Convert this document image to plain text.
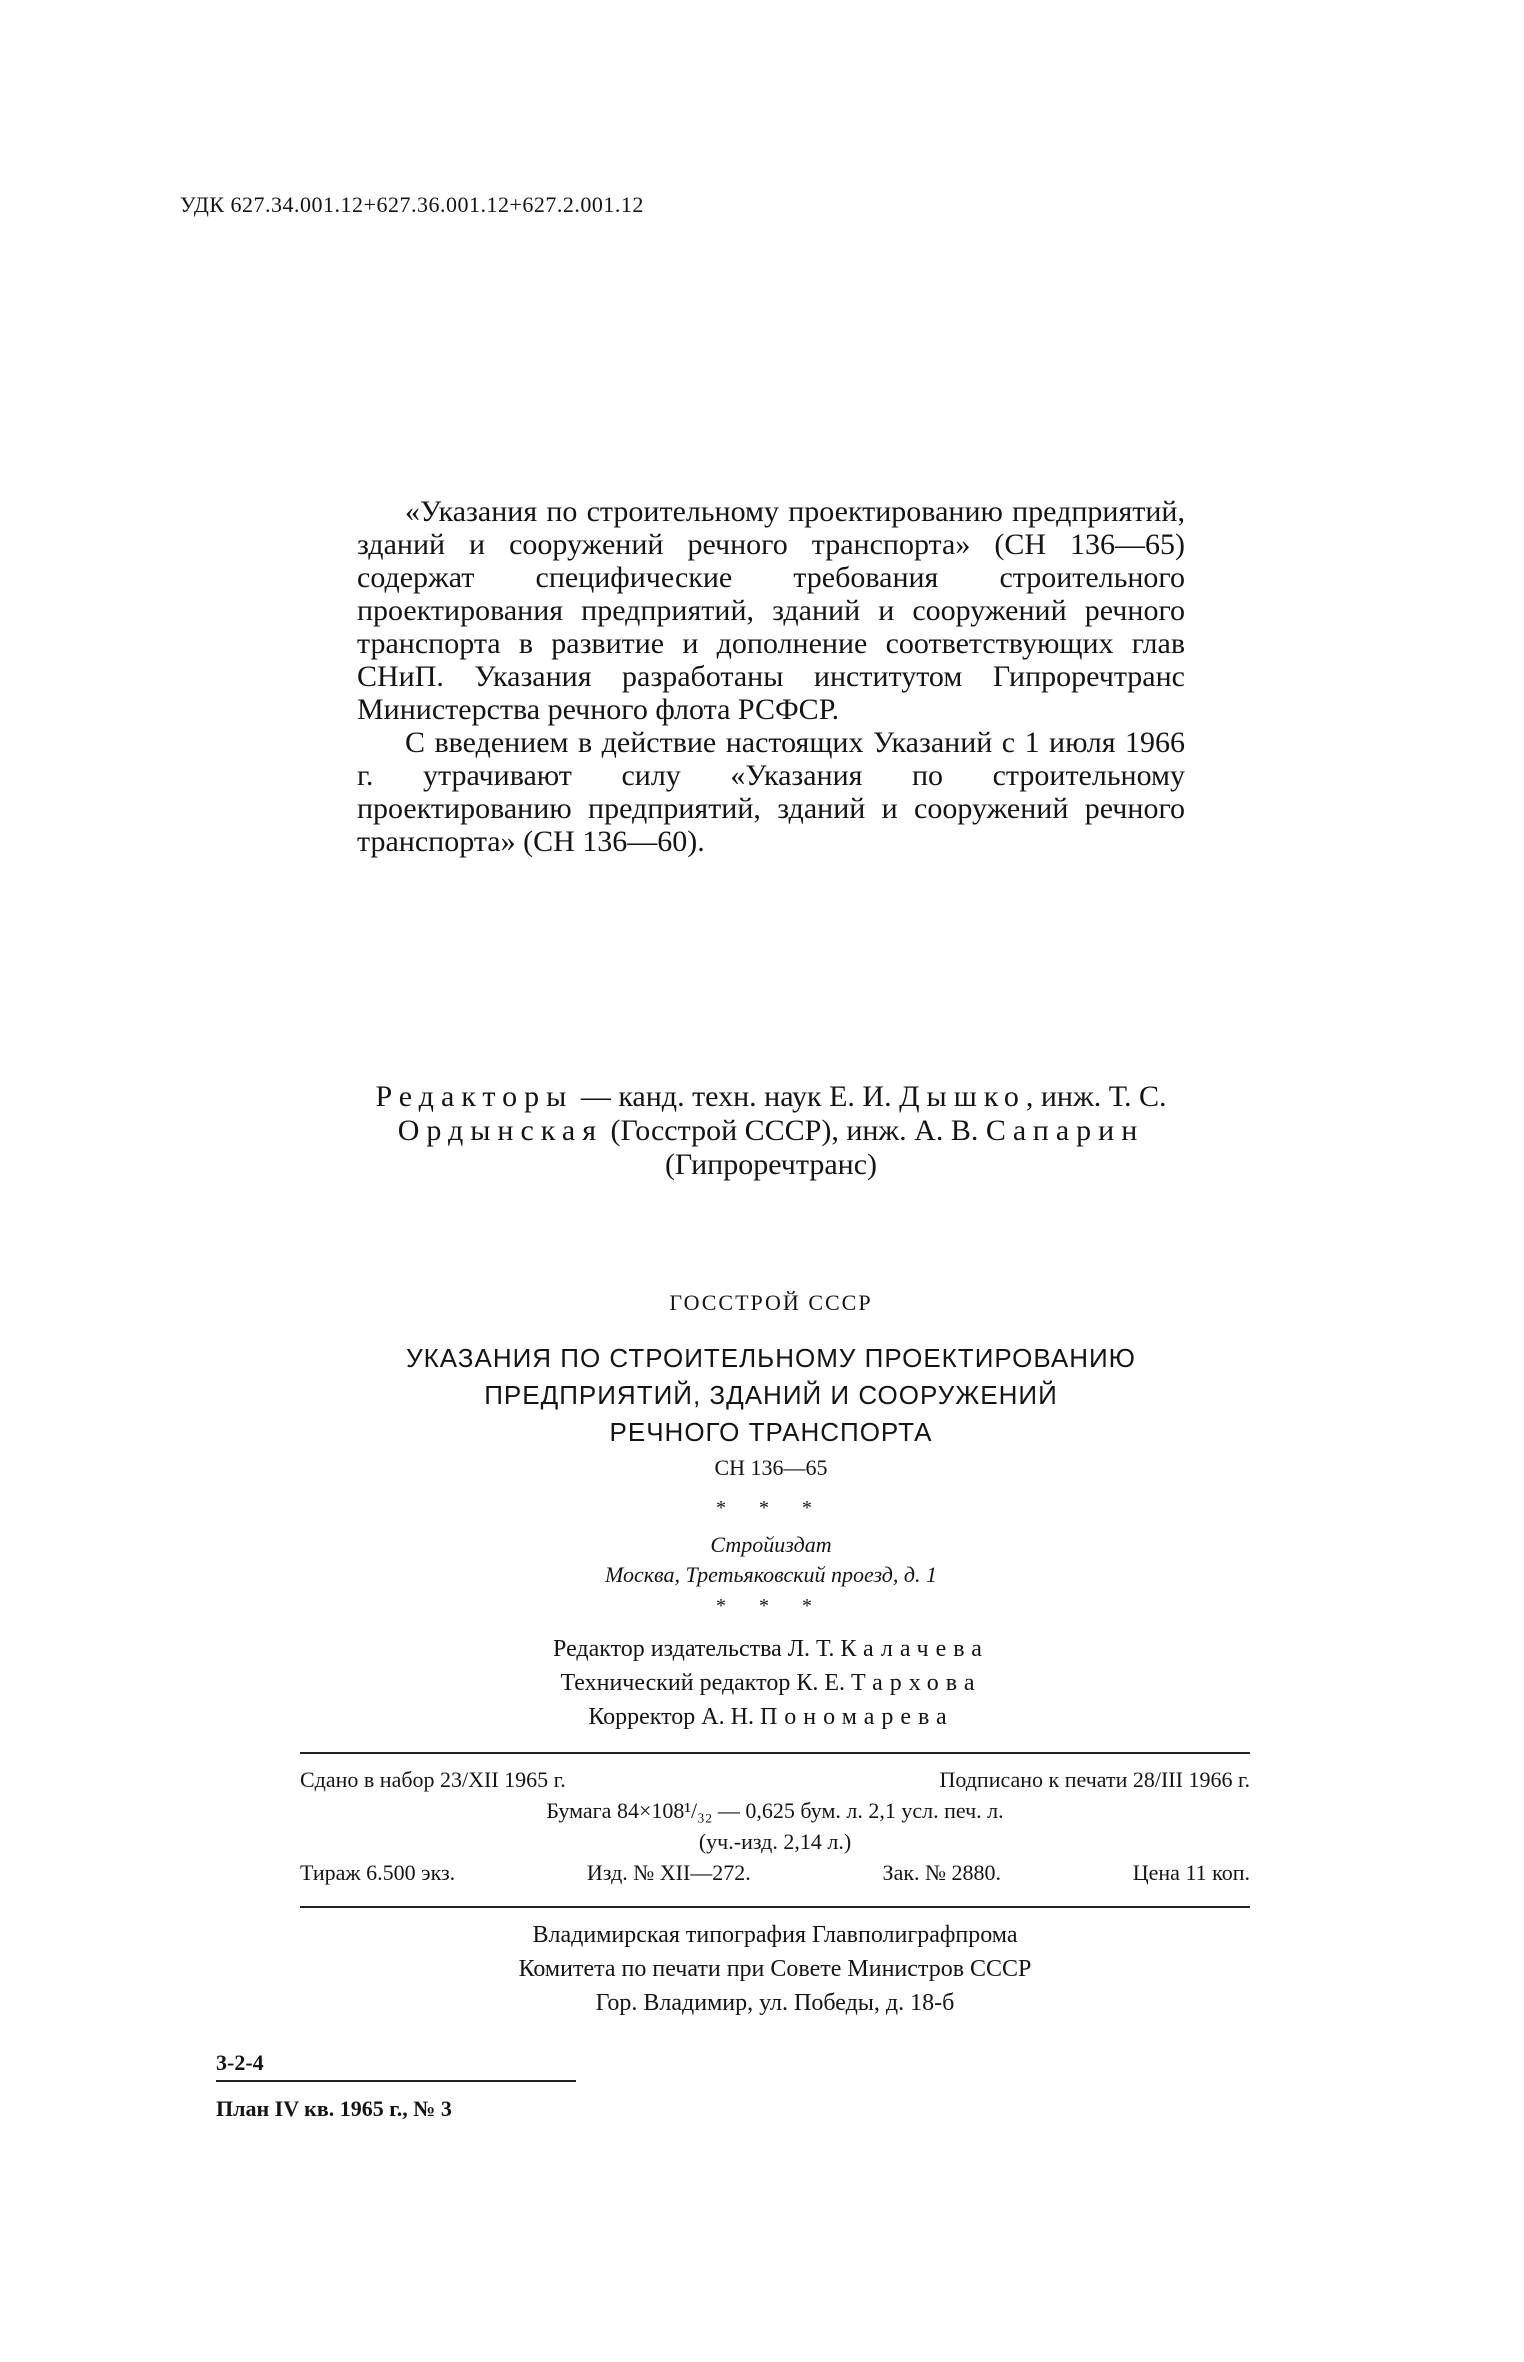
УДК 627.34.001.12+627.36.001.12+627.2.001.12

«Указания по строительному проектированию предприятий, зданий и сооружений речного транспорта» (СН 136—65) содержат специфические требования строительного проектирования предприятий, зданий и сооружений речного транспорта в развитие и дополнение соответствующих глав СНиП. Указания разработаны институтом Гипроречтранс Министерства речного флота РСФСР.

С введением в действие настоящих Указаний с 1 июля 1966 г. утрачивают силу «Указания по строительному проектированию предприятий, зданий и сооружений речного транспорта» (СН 136—60).

Редакторы — канд. техн. наук Е. И. Дышко, инж. Т. С. Ордынская (Госстрой СССР), инж. А. В. Сапарин (Гипроречтранс)
ГОССТРОЙ СССР
УКАЗАНИЯ ПО СТРОИТЕЛЬНОМУ ПРОЕКТИРОВАНИЮ
ПРЕДПРИЯТИЙ, ЗДАНИЙ И СООРУЖЕНИЙ
РЕЧНОГО ТРАНСПОРТА
СН 136—65
* * *
Стройиздат
Москва, Третьяковский проезд, д. 1
* * *
Редактор издательства Л. Т. Калачева
Технический редактор К. Е. Тархова
Корректор А. Н. Пономарева
Сдано в набор 23/XII 1965 г.	Подписано к печати 28/III 1966 г.
Бумага 84×108¹/₃₂ — 0,625 бум. л. 2,1 усл. печ. л.
(уч.-изд. 2,14 л.)
Тираж 6.500 экз.	Изд. № XII—272.	Зак. № 2880.	Цена 11 коп.
Владимирская типография Главполиграфпрома
Комитета по печати при Совете Министров СССР
Гор. Владимир, ул. Победы, д. 18-б
3-2-4
План IV кв. 1965 г., № 3
